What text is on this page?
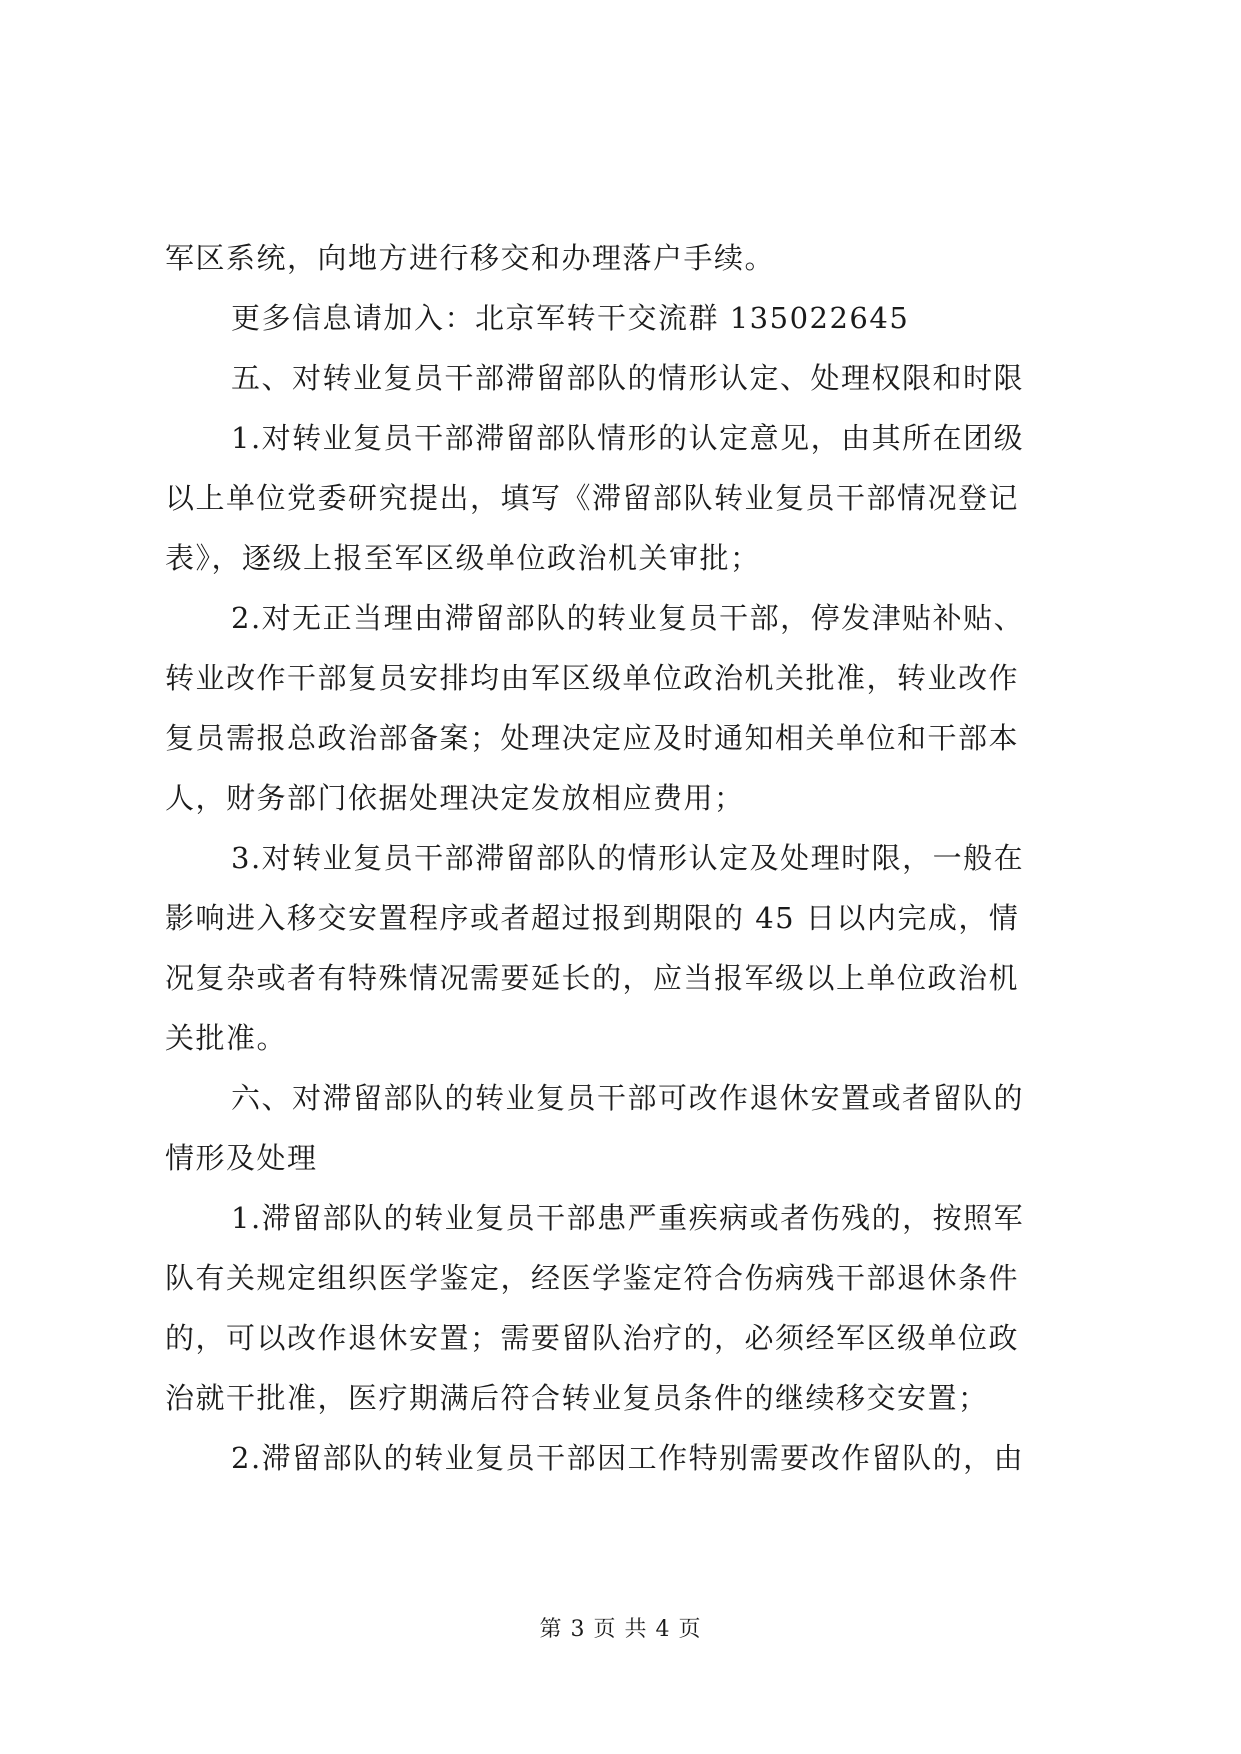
军区系统，向地方进行移交和办理落户手续。
更多信息请加入：北京军转干交流群 135022645
五、对转业复员干部滞留部队的情形认定、处理权限和时限
1.对转业复员干部滞留部队情形的认定意见，由其所在团级
以上单位党委研究提出，填写《滞留部队转业复员干部情况登记
表》，逐级上报至军区级单位政治机关审批；
2.对无正当理由滞留部队的转业复员干部，停发津贴补贴、
转业改作干部复员安排均由军区级单位政治机关批准，转业改作
复员需报总政治部备案；处理决定应及时通知相关单位和干部本
人，财务部门依据处理决定发放相应费用；
3.对转业复员干部滞留部队的情形认定及处理时限，一般在
影响进入移交安置程序或者超过报到期限的 45 日以内完成，情
况复杂或者有特殊情况需要延长的，应当报军级以上单位政治机
关批准。
六、对滞留部队的转业复员干部可改作退休安置或者留队的
情形及处理
1.滞留部队的转业复员干部患严重疾病或者伤残的，按照军
队有关规定组织医学鉴定，经医学鉴定符合伤病残干部退休条件
的，可以改作退休安置；需要留队治疗的，必须经军区级单位政
治就干批准，医疗期满后符合转业复员条件的继续移交安置；
2.滞留部队的转业复员干部因工作特别需要改作留队的，由
第 3 页 共 4 页
